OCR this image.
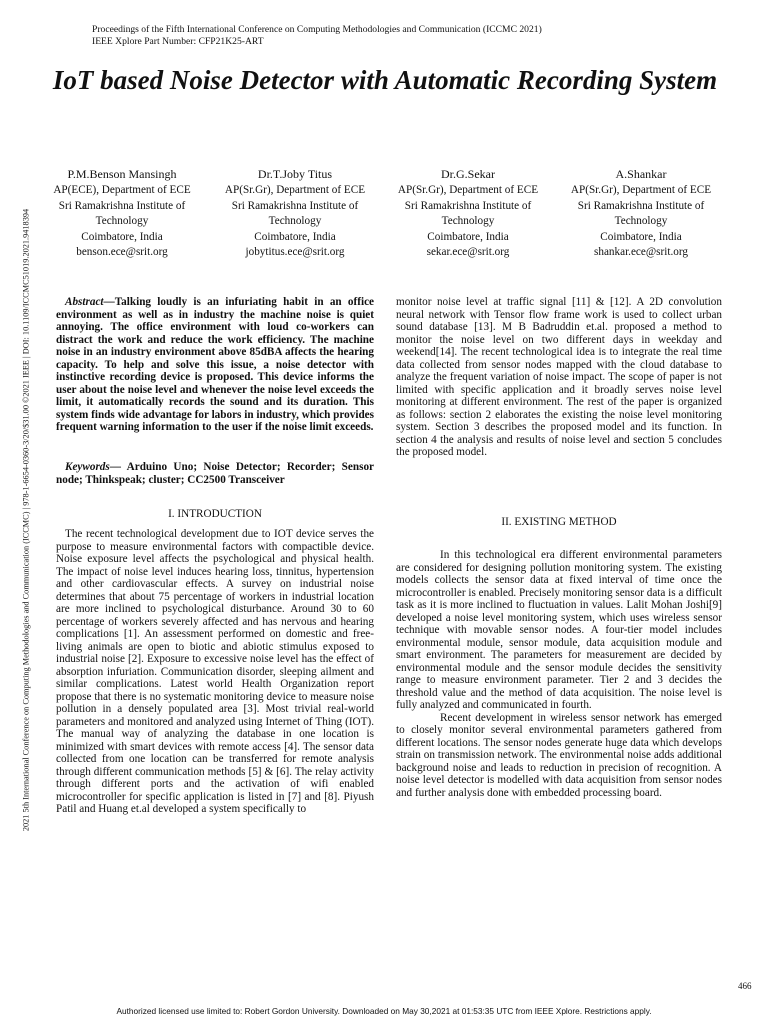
Proceedings of the Fifth International Conference on Computing Methodologies and Communication (ICCMC 2021)
IEEE Xplore Part Number: CFP21K25-ART
2021 5th International Conference on Computing Methodologies and Communication (ICCMC) | 978-1-6654-0360-3/20/$31.00 ©2021 IEEE | DOI: 10.1109/ICCMC51019.2021.9418394
IoT based Noise Detector with Automatic Recording System
P.M.Benson Mansingh
AP(ECE), Department of ECE
Sri Ramakrishna Institute of Technology
Coimbatore, India
benson.ece@srit.org
Dr.T.Joby Titus
AP(Sr.Gr), Department of ECE
Sri Ramakrishna Institute of Technology
Coimbatore, India
jobytitus.ece@srit.org
Dr.G.Sekar
AP(Sr.Gr), Department of ECE
Sri Ramakrishna Institute of Technology
Coimbatore, India
sekar.ece@srit.org
A.Shankar
AP(Sr.Gr), Department of ECE
Sri Ramakrishna Institute of Technology
Coimbatore, India
shankar.ece@srit.org

Abstract—Talking loudly is an infuriating habit in an office environment as well as in industry the machine noise is quiet annoying. The office environment with loud co-workers can distract the work and reduce the work efficiency. The machine noise in an industry environment above 85dBA affects the hearing capacity. To help and solve this issue, a noise detector with instinctive recording device is proposed. This device informs the user about the noise level and whenever the noise level exceeds the limit, it automatically records the sound and its duration. This system finds wide advantage for labors in industry, which provides frequent warning information to the user if the noise limit exceeds.

Keywords— Arduino Uno; Noise Detector; Recorder; Sensor node; Thinkspeak; cluster; CC2500 Transceiver
I. INTRODUCTION

The recent technological development due to IOT device serves the purpose to measure environmental factors with compactible device. Noise exposure level affects the psychological and physical health. The impact of noise level induces hearing loss, tinnitus, hypertension and other cardiovascular effects. A survey on industrial noise determines that about 75 percentage of workers in industrial location are more inclined to psychological disturbance. Around 30 to 60 percentage of workers severely affected and has nervous and hearing complications [1]. An assessment performed on domestic and free-living animals are open to biotic and abiotic stimulus exposed to industrial noise [2]. Exposure to excessive noise level has the effect of absorption infuriation. Communication disorder, sleeping ailment and similar complications. Latest world Health Organization report propose that there is no systematic monitoring device to measure noise pollution in a densely populated area [3]. Most trivial real-world parameters and monitored and analyzed using Internet of Thing (IOT). The manual way of analyzing the database in one location is minimized with smart devices with remote access [4]. The sensor data collected from one location can be transferred for remote analysis through different communication methods [5] & [6]. The relay activity through different ports and the activation of wifi enabled microcontroller for specific application is listed in [7] and [8]. Piyush Patil and Huang et.al developed a system specifically to

monitor noise level at traffic signal [11] & [12]. A 2D convolution neural network with Tensor flow frame work is used to collect urban sound database [13]. M B Badruddin et.al. proposed a method to monitor the noise level on two different days in weekday and weekend[14]. The recent technological idea is to integrate the real time data collected from sensor nodes mapped with the cloud database to analyze the frequent variation of noise impact. The scope of paper is not limited with specific application and it broadly serves noise level monitoring at different environment. The rest of the paper is organized as follows: section 2 elaborates the existing the noise level monitoring system. Section 3 describes the proposed model and its function. In section 4 the analysis and results of noise level and section 5 concludes the proposed model.

II. EXISTING METHOD

In this technological era different environmental parameters are considered for designing pollution monitoring system. The existing models collects the sensor data at fixed interval of time once the microcontroller is enabled. Precisely monitoring sensor data is a difficult task as it is more inclined to fluctuation in values. Lalit Mohan Joshi[9] developed a noise level monitoring system, which uses wireless sensor technique with movable sensor nodes. A four-tier model includes environmental module, sensor module, data acquisition module and smart environment. The parameters for measurement are decided by environmental module and the sensor module decides the sensitivity range to measure environment parameter. Tier 2 and 3 decides the threshold value and the method of data acquisition. The noise level is fully analyzed and communicated in fourth.

Recent development in wireless sensor network has emerged to closely monitor several environmental parameters gathered from different locations. The sensor nodes generate huge data which develops strain on transmission network. The environmental noise adds additional background noise and leads to reduction in precision of recognition. A noise level detector is modelled with data acquisition from sensor nodes and further analysis done with embedded processing board.

466
Authorized licensed use limited to: Robert Gordon University. Downloaded on May 30,2021 at 01:53:35 UTC from IEEE Xplore. Restrictions apply.
